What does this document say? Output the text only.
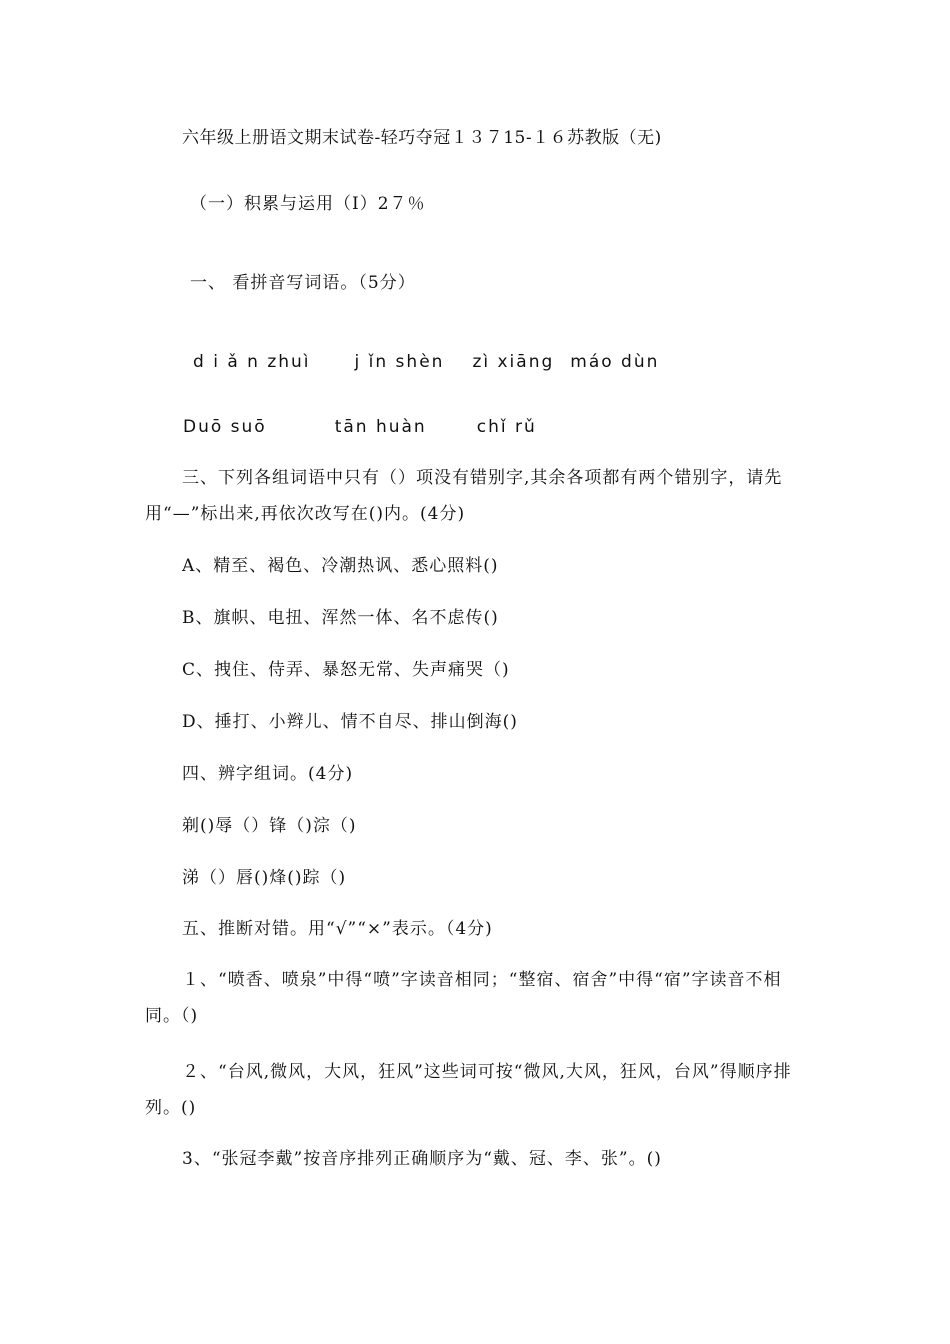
六年级上册语文期末试卷-轻巧夺冠１３７15-１６苏教版（无)
（一）积累与运用（Ⅰ）2７％
一、 看拼音写词语。（5分）
d i ǎ n zhuì	j ǐn shèn zì xiāng máo dùn
Duō suō	tān huàn	chǐ rǔ
三、下列各组词语中只有（）项没有错别字,其余各项都有两个错别字，请先用“—”标出来,再依次改写在()内。(4分)
A、精至、褐色、冷潮热讽、悉心照料()
B、旗帜、电扭、浑然一体、名不虑传()
C、拽住、侍弄、暴怒无常、失声痛哭（)
D、捶打、小辫儿、情不自尽、排山倒海()
四、辨字组词。(4分)
剃()辱（）锋（)淙（)
涕（）唇()烽()踪（)
五、推断对错。用“√”“×”表示。（4分)
１、“喷香、喷泉”中得“喷”字读音相同；“整宿、宿舍”中得“宿”字读音不相同。（)
２、“台风,微风，大风，狂风”这些词可按“微风,大风，狂风，台风”得顺序排列。()
3、“张冠李戴”按音序排列正确顺序为“戴、冠、李、张”。()
